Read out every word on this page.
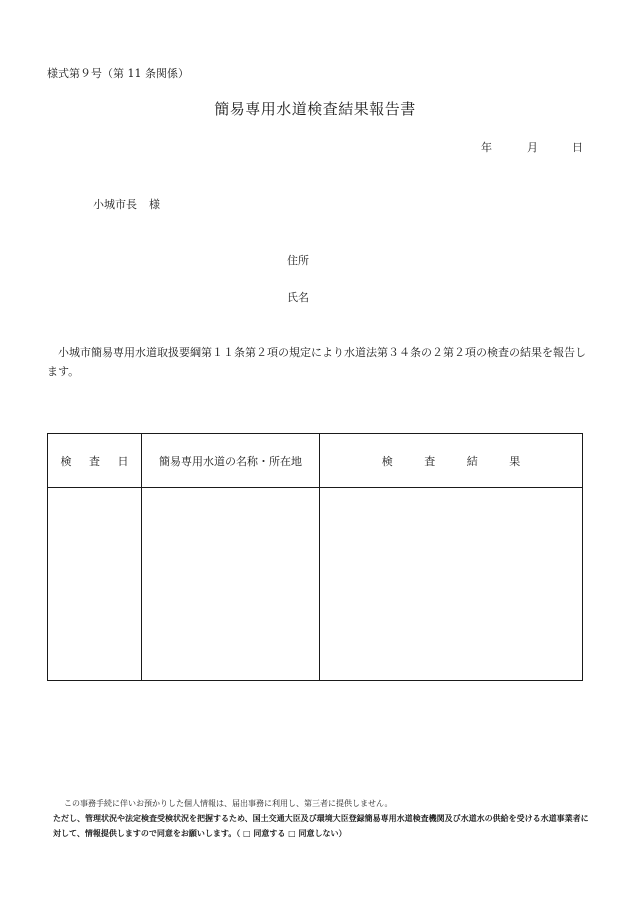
様式第９号（第 11 条関係）
簡易専用水道検査結果報告書
年	月	日
小城市長 様
住所
氏名
小城市簡易専用水道取扱要綱第１１条第２項の規定により水道法第３４条の２第２項の検査の結果を報告します。
検 査 日	簡易専用水道の名称・所在地	検 査 結 果

この事務手続に伴いお預かりした個人情報は、届出事務に利用し、第三者に提供しません。

ただし、管理状況や法定検査受検状況を把握するため、国土交通大臣及び環境大臣登録簡易専用水道検査機関及び水道水の供給を受ける水道事業者に対して、情報提供しますので同意をお願いします。（ □ 同意する □ 同意しない）
